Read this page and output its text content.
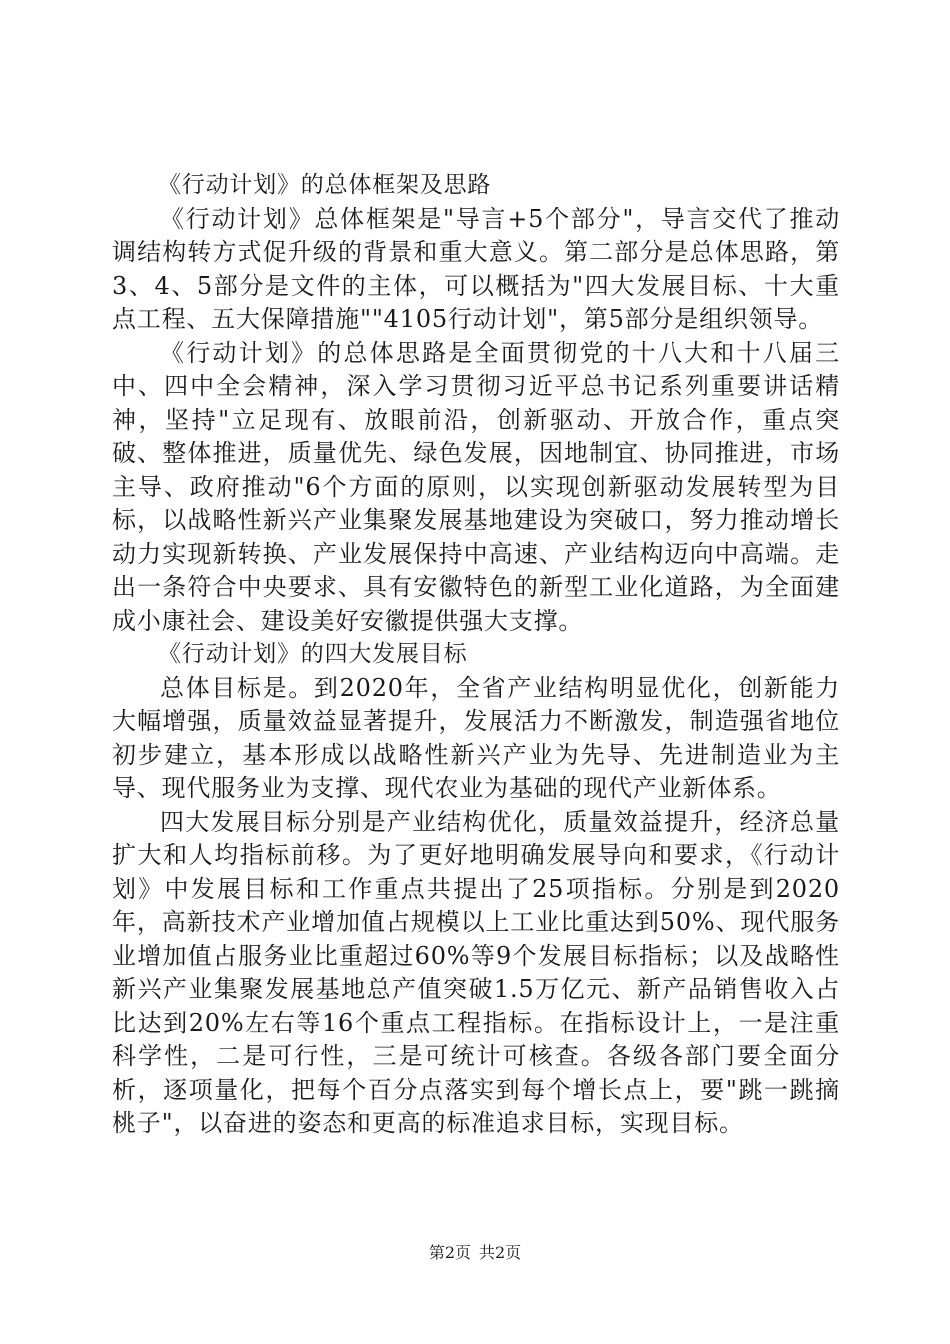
《行动计划》的总体框架及思路

《行动计划》总体框架是"导言+5个部分"，导言交代了推动调结构转方式促升级的背景和重大意义。第二部分是总体思路，第3、4、5部分是文件的主体，可以概括为"四大发展目标、十大重点工程、五大保障措施""4105行动计划"，第5部分是组织领导。

《行动计划》的总体思路是全面贯彻党的十八大和十八届三中、四中全会精神，深入学习贯彻习近平总书记系列重要讲话精神，坚持"立足现有、放眼前沿，创新驱动、开放合作，重点突破、整体推进，质量优先、绿色发展，因地制宜、协同推进，市场主导、政府推动"6个方面的原则，以实现创新驱动发展转型为目标，以战略性新兴产业集聚发展基地建设为突破口，努力推动增长动力实现新转换、产业发展保持中高速、产业结构迈向中高端。走出一条符合中央要求、具有安徽特色的新型工业化道路，为全面建成小康社会、建设美好安徽提供强大支撑。

《行动计划》的四大发展目标

总体目标是。到2020年，全省产业结构明显优化，创新能力大幅增强，质量效益显著提升，发展活力不断激发，制造强省地位初步建立，基本形成以战略性新兴产业为先导、先进制造业为主导、现代服务业为支撑、现代农业为基础的现代产业新体系。

四大发展目标分别是产业结构优化，质量效益提升，经济总量扩大和人均指标前移。为了更好地明确发展导向和要求，《行动计划》中发展目标和工作重点共提出了25项指标。分别是到2020年，高新技术产业增加值占规模以上工业比重达到50%、现代服务业增加值占服务业比重超过60%等9个发展目标指标；以及战略性新兴产业集聚发展基地总产值突破1.5万亿元、新产品销售收入占比达到20%左右等16个重点工程指标。在指标设计上，一是注重科学性，二是可行性，三是可统计可核查。各级各部门要全面分析，逐项量化，把每个百分点落实到每个增长点上，要"跳一跳摘桃子"，以奋进的姿态和更高的标准追求目标，实现目标。

第2页 共2页
